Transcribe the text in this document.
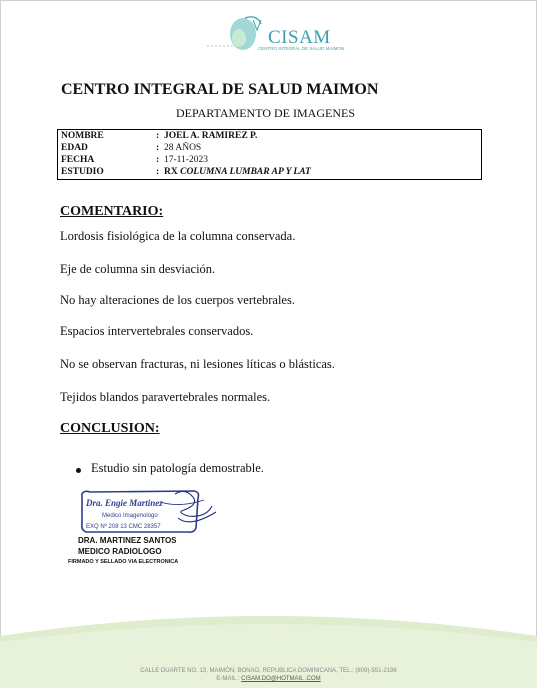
CISAM
CENTRO INTEGRAL DE SALUD MAIMON
CENTRO INTEGRAL DE SALUD MAIMON
DEPARTAMENTO DE IMAGENES
NOMBRE	: JOEL A. RAMIREZ P.
EDAD	: 28 AÑOS
FECHA	: 17-11-2023
ESTUDIO	: RX COLUMNA LUMBAR AP Y LAT
COMENTARIO:
Lordosis fisiológica de la columna conservada.
Eje de columna sin desviación.
No hay alteraciones de los cuerpos vertebrales.
Espacios intervertebrales conservados.
No se observan fracturas, ni lesiones líticas o blásticas.
Tejidos blandos paravertebrales normales.
CONCLUSION:
Estudio sin patología demostrable.
Dra. Engie Martinez
Medico Imagenologo
EXQ Nº 208 13 CMC 28357
DRA. MARTINEZ SANTOS
MEDICO RADIOLOGO
FIRMADO Y SELLADO VIA ELECTRONICA
CALLE DUARTE NO. 13, MAIMÓN, BONAO, REPUBLICA DOMINICANA, TEL.: (809)-551-2196
E-MAIL : CISAM.DO@HOTMAIL .COM
